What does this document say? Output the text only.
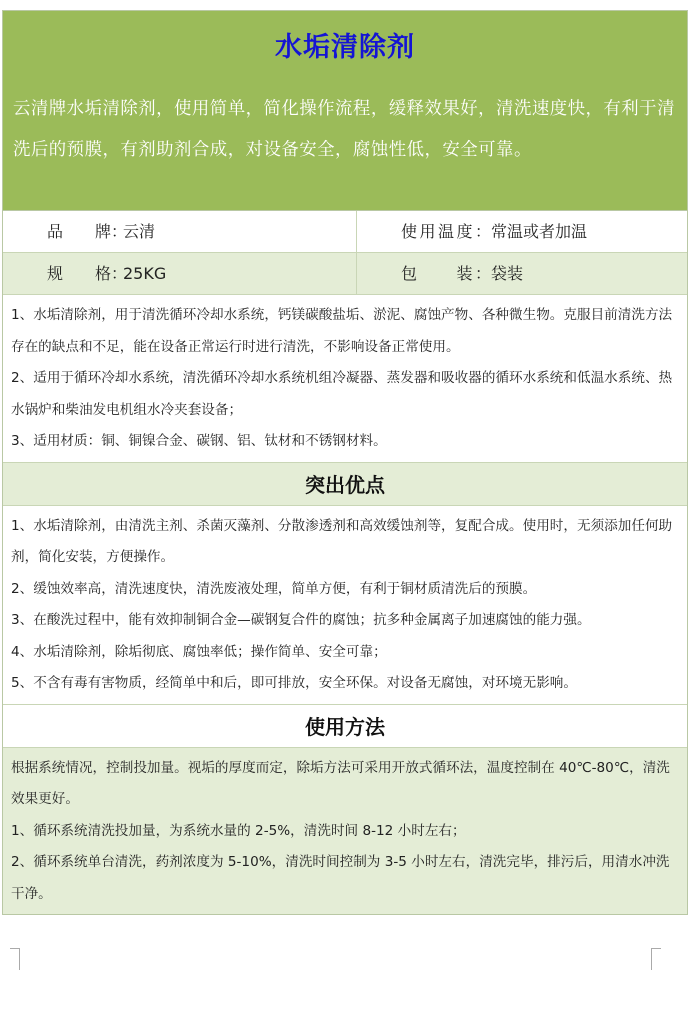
水垢清除剂
云清牌水垢清除剂，使用简单，简化操作流程，缓释效果好，清洗速度快，有利于清洗后的预膜，有剂助剂合成，对设备安全，腐蚀性低，安全可靠。
品　　牌：云清	使用温度：常温或者加温
规　　格：25KG	包　　装：袋装

1、水垢清除剂，用于清洗循环冷却水系统，钙镁碳酸盐垢、淤泥、腐蚀产物、各种微生物。克服目前清洗方法存在的缺点和不足，能在设备正常运行时进行清洗，不影响设备正常使用。

2、适用于循环冷却水系统，清洗循环冷却水系统机组冷凝器、蒸发器和吸收器的循环水系统和低温水系统、热水锅炉和柴油发电机组水冷夹套设备；

3、适用材质：铜、铜镍合金、碳钢、铝、钛材和不锈钢材料。

突出优点

1、水垢清除剂，由清洗主剂、杀菌灭藻剂、分散渗透剂和高效缓蚀剂等，复配合成。使用时，无须添加任何助剂，简化安装，方便操作。

2、缓蚀效率高，清洗速度快，清洗废液处理，简单方便，有利于铜材质清洗后的预膜。

3、在酸洗过程中，能有效抑制铜合金—碳钢复合件的腐蚀；抗多种金属离子加速腐蚀的能力强。

4、水垢清除剂，除垢彻底、腐蚀率低；操作简单、安全可靠；

5、不含有毒有害物质，经简单中和后，即可排放，安全环保。对设备无腐蚀，对环境无影响。

使用方法

根据系统情况，控制投加量。视垢的厚度而定，除垢方法可采用开放式循环法，温度控制在 40℃-80℃，清洗效果更好。

1、循环系统清洗投加量，为系统水量的 2-5%，清洗时间 8-12 小时左右；

2、循环系统单台清洗，药剂浓度为 5-10%，清洗时间控制为 3-5 小时左右，清洗完毕，排污后，用清水冲洗干净。
